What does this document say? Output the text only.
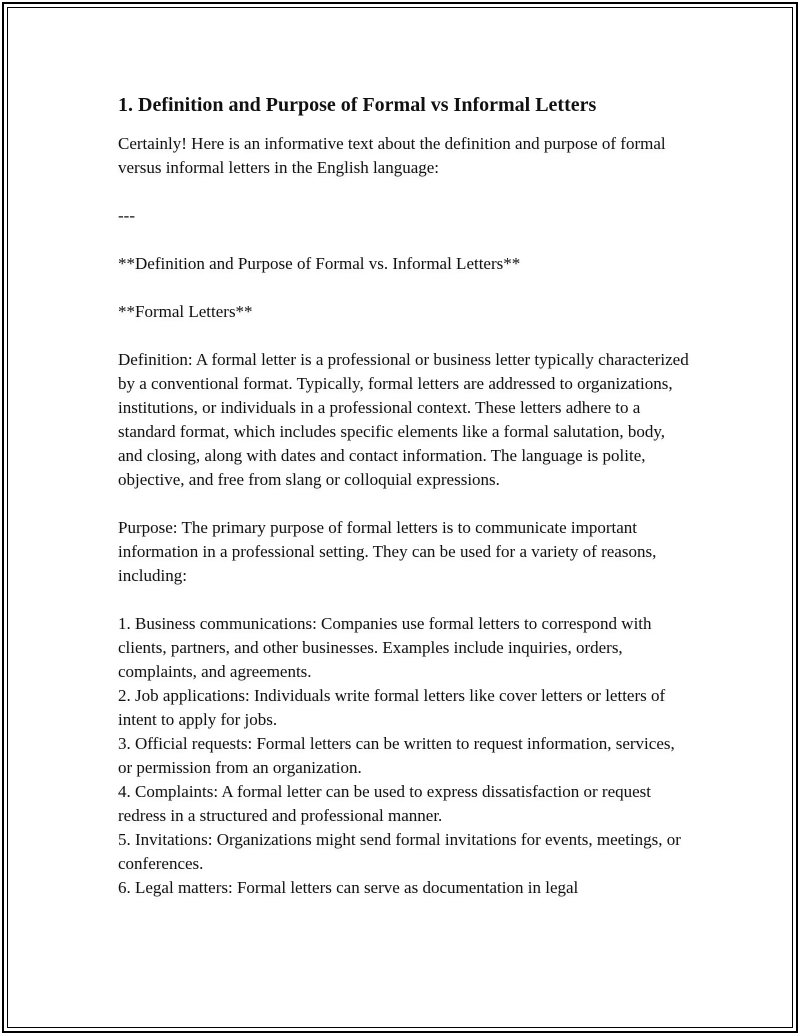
1. Definition and Purpose of Formal vs Informal Letters

Certainly! Here is an informative text about the definition and purpose of formal versus informal letters in the English language:

---

**Definition and Purpose of Formal vs. Informal Letters**

**Formal Letters**

Definition: A formal letter is a professional or business letter typically characterized by a conventional format. Typically, formal letters are addressed to organizations, institutions, or individuals in a professional context. These letters adhere to a standard format, which includes specific elements like a formal salutation, body, and closing, along with dates and contact information. The language is polite, objective, and free from slang or colloquial expressions.

Purpose: The primary purpose of formal letters is to communicate important information in a professional setting. They can be used for a variety of reasons, including:

1. Business communications: Companies use formal letters to correspond with clients, partners, and other businesses. Examples include inquiries, orders, complaints, and agreements.
2. Job applications: Individuals write formal letters like cover letters or letters of intent to apply for jobs.
3. Official requests: Formal letters can be written to request information, services, or permission from an organization.
4. Complaints: A formal letter can be used to express dissatisfaction or request redress in a structured and professional manner.
5. Invitations: Organizations might send formal invitations for events, meetings, or conferences.
6. Legal matters: Formal letters can serve as documentation in legal
